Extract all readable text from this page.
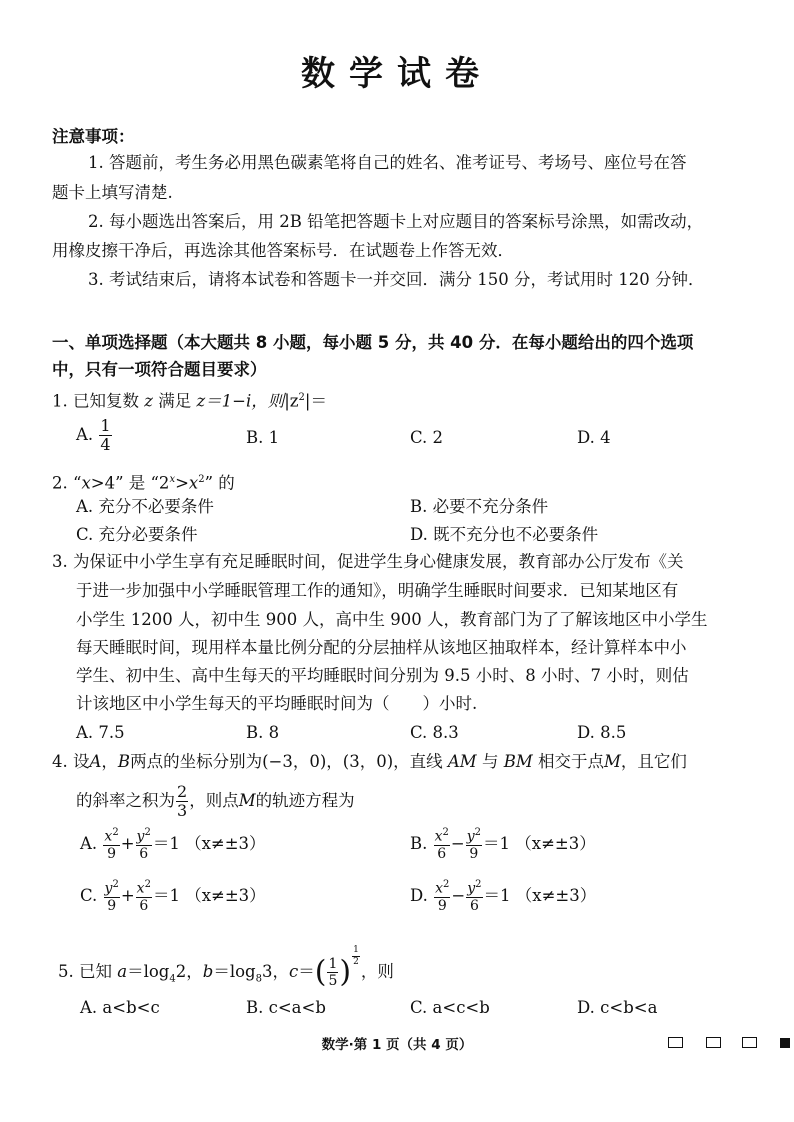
数学试卷
注意事项：
1. 答题前，考生务必用黑色碳素笔将自己的姓名、准考证号、考场号、座位号在答
题卡上填写清楚.
2. 每小题选出答案后，用 2B 铅笔把答题卡上对应题目的答案标号涂黑，如需改动，
用橡皮擦干净后，再选涂其他答案标号．在试题卷上作答无效．
3. 考试结束后，请将本试卷和答题卡一并交回．满分 150 分，考试用时 120 分钟．
一、单项选择题（本大题共 8 小题，每小题 5 分，共 40 分．在每小题给出的四个选项
中，只有一项符合题目要求）
1. 已知复数 z 满足 z＝1−i，则$|z^2|=$
A. $\frac{1}{4}$	B. 1	C. 2	D. 4
2. “x>4” 是 “$2^x>x^2$” 的
A. 充分不必要条件	B. 必要不充分条件
C. 充分必要条件	D. 既不充分也不必要条件
3. 为保证中小学生享有充足睡眠时间，促进学生身心健康发展，教育部办公厅发布《关
于进一步加强中小学睡眠管理工作的通知》，明确学生睡眠时间要求．已知某地区有
小学生 1200 人，初中生 900 人，高中生 900 人，教育部门为了了解该地区中小学生
每天睡眠时间，现用样本量比例分配的分层抽样从该地区抽取样本，经计算样本中小
学生、初中生、高中生每天的平均睡眠时间分别为 9.5 小时、8 小时、7 小时，则估
计该地区中小学生每天的平均睡眠时间为（　　）小时.
A. 7.5	B. 8	C. 8.3	D. 8.5
4. 设A，B两点的坐标分别为(−3，0)，(3，0)，直线 AM 与 BM 相交于点M，且它们
的斜率之积为 $\frac{2}{3}$ ，则点M的轨迹方程为
A. $\frac{x^2}{9} + \frac{y^2}{6} =1$ （x≠±3）	B. $\frac{x^2}{6} - \frac{y^2}{9} =1$ （x≠±3）
C. $\frac{y^2}{9} + \frac{x^2}{6} =1$ （x≠±3）	D. $\frac{x^2}{9} - \frac{y^2}{6} =1$ （x≠±3）
5. 已知 $a=\log_42$，$b=\log_83$，$c=( \frac{1}{5}$ ) $^{\frac{1}{2}}$
，则
A. a<b<c	B. c<a<b	C. a<c<b	D. c<b<a
数学·第 1 页（共 4 页）
